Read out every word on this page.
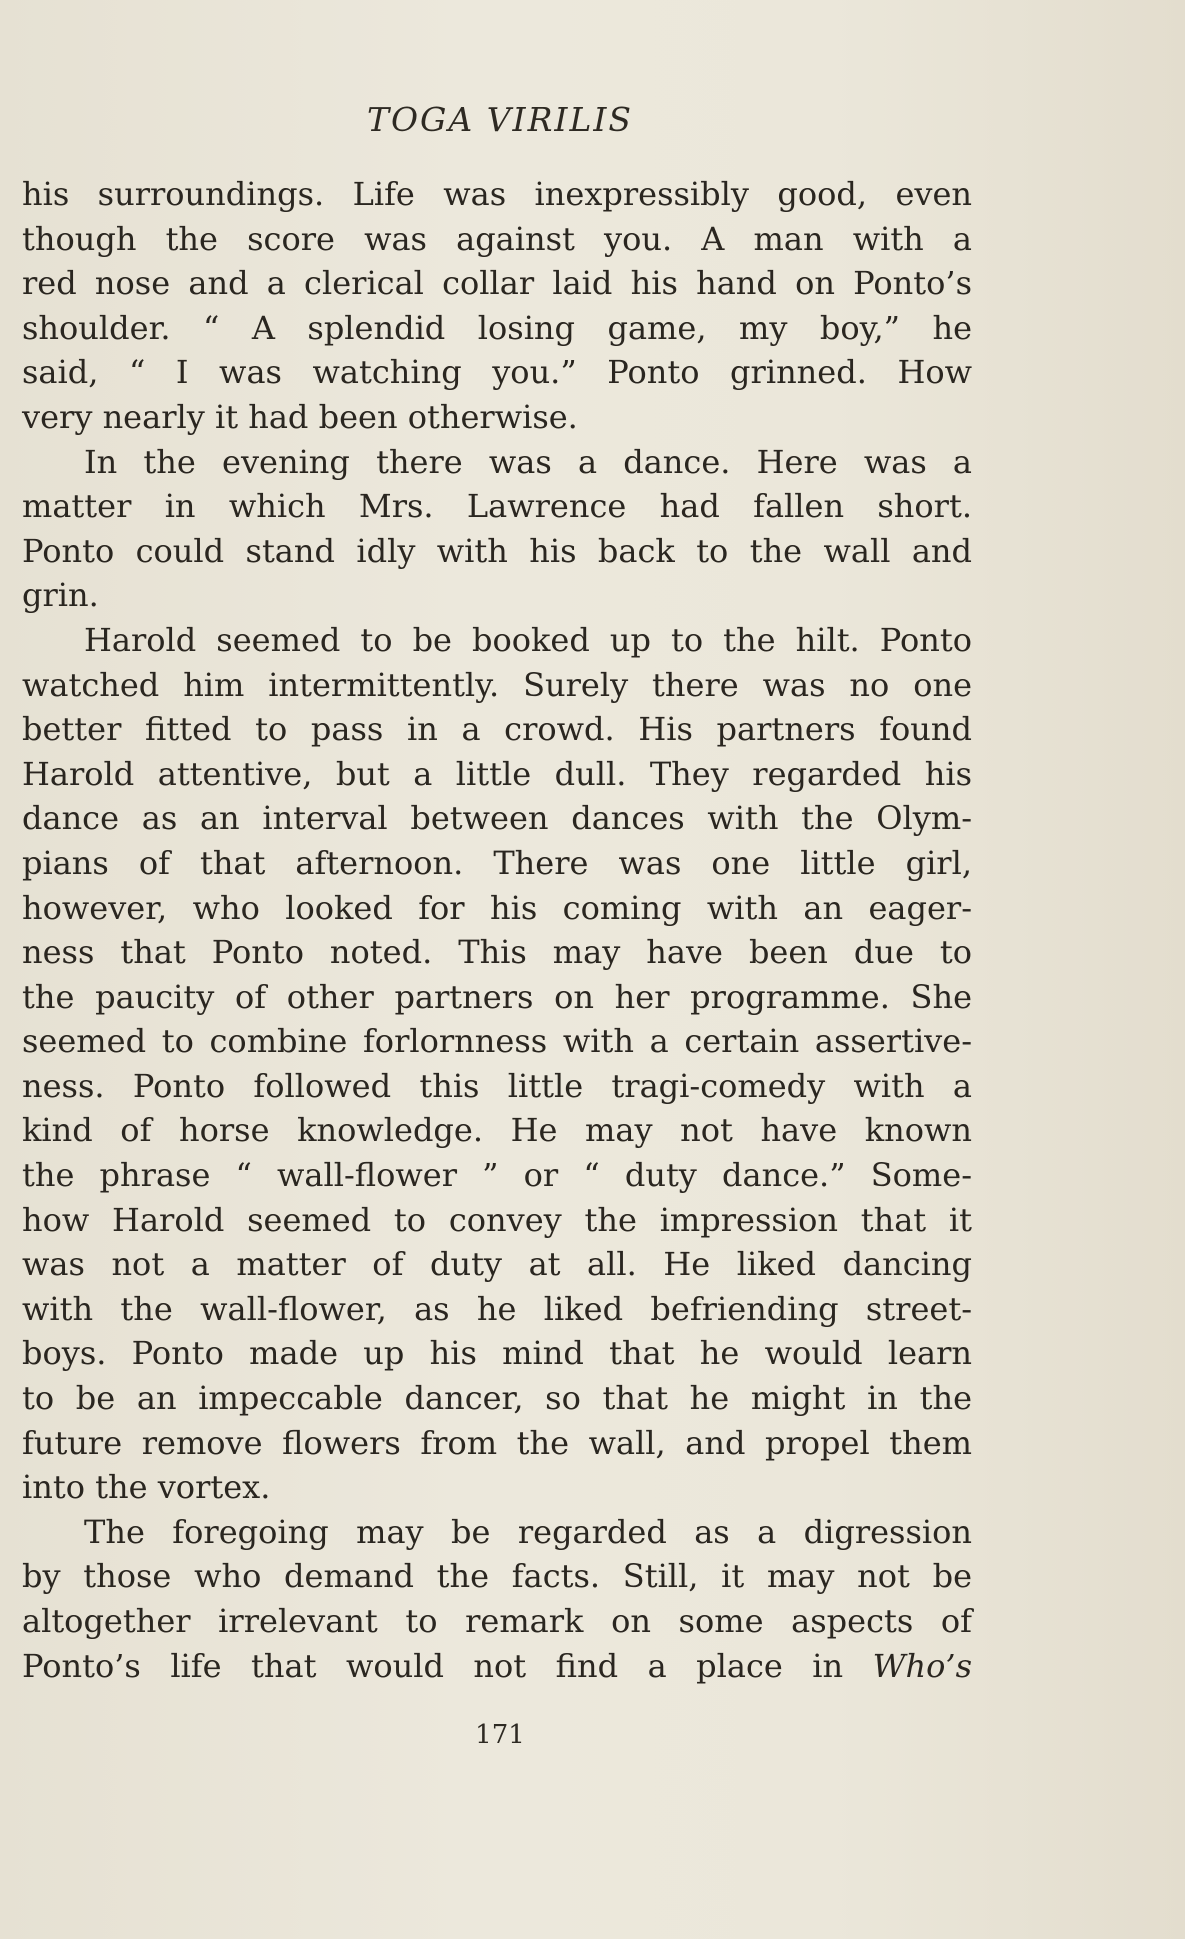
TOGA VIRILIS
his surroundings. Life was inexpressibly good, even
though the score was against you. A man with a
red nose and a clerical collar laid his hand on Ponto’s
shoulder. “ A splendid losing game, my boy,” he
said, “ I was watching you.” Ponto grinned. How
very nearly it had been otherwise.
In the evening there was a dance. Here was a
matter in which Mrs. Lawrence had fallen short.
Ponto could stand idly with his back to the wall and
grin.
Harold seemed to be booked up to the hilt. Ponto
watched him intermittently. Surely there was no one
better fitted to pass in a crowd. His partners found
Harold attentive, but a little dull. They regarded his
dance as an interval between dances with the Olym-
pians of that afternoon. There was one little girl,
however, who looked for his coming with an eager-
ness that Ponto noted. This may have been due to
the paucity of other partners on her programme. She
seemed to combine forlornness with a certain assertive-
ness. Ponto followed this little tragi-comedy with a
kind of horse knowledge. He may not have known
the phrase “ wall-flower ” or “ duty dance.” Some-
how Harold seemed to convey the impression that it
was not a matter of duty at all. He liked dancing
with the wall-flower, as he liked befriending street-
boys. Ponto made up his mind that he would learn
to be an impeccable dancer, so that he might in the
future remove flowers from the wall, and propel them
into the vortex.
The foregoing may be regarded as a digression
by those who demand the facts. Still, it may not be
altogether irrelevant to remark on some aspects of
Ponto’s life that would not find a place in Who’s
171
